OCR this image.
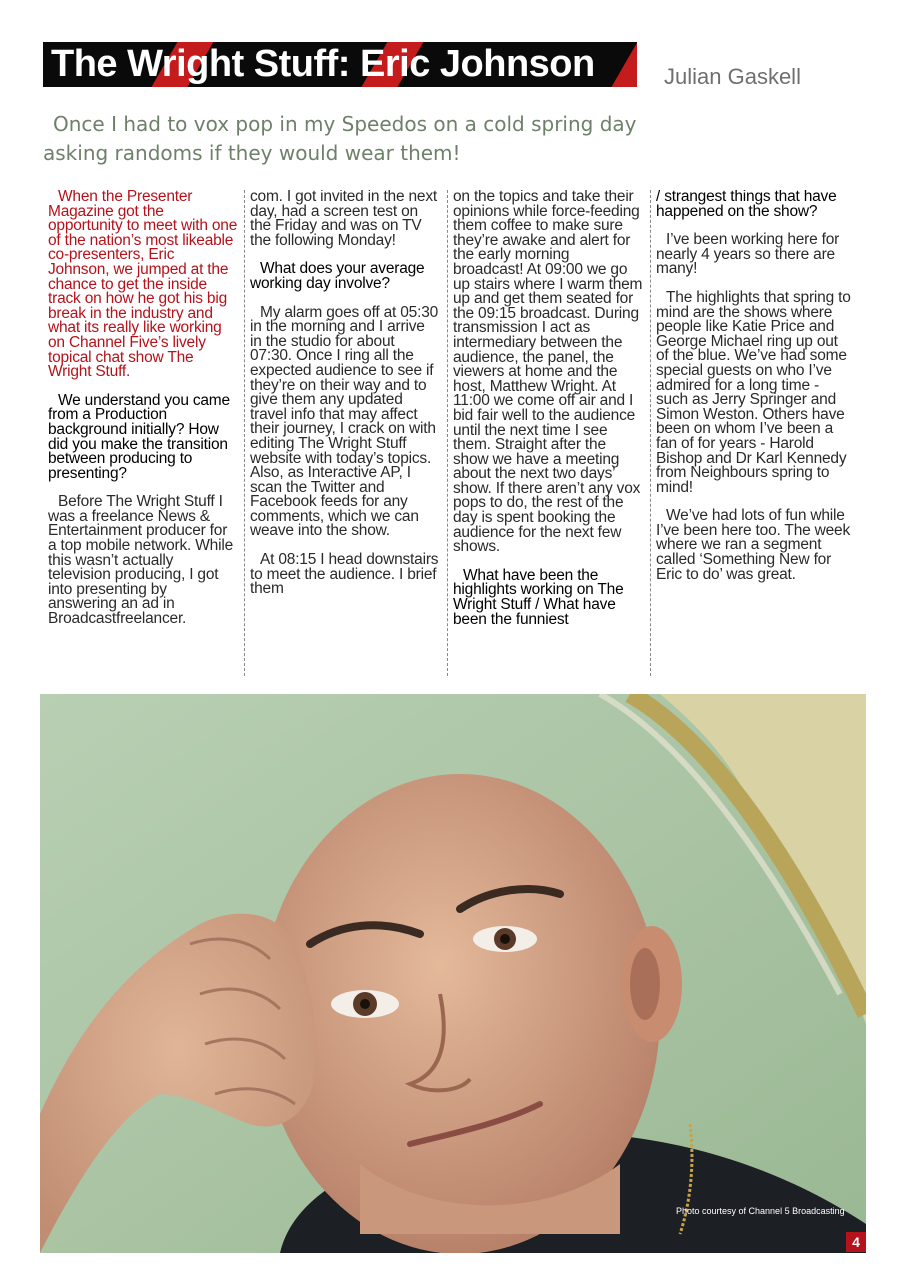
The Wright Stuff: Eric Johnson	Julian Gaskell
Once I had to vox pop in my Speedos on a cold spring day asking randoms if they would wear them!

When the Presenter Magazine got the opportunity to meet with one of the nation’s most likeable co-presenters, Eric Johnson, we jumped at the chance to get the inside track on how he got his big break in the industry and what its really like working on Channel Five’s lively topical chat show The Wright Stuff.

We understand you came from a Production background initially? How did you make the transition between producing to presenting?

Before The Wright Stuff I was a freelance News & Entertainment producer for a top mobile network. While this wasn’t actually television producing, I got into presenting by answering an ad in Broadcastfreelancer.

com. I got invited in the next day, had a screen test on the Friday and was on TV the following Monday!

What does your average working day involve?

My alarm goes off at 05:30 in the morning and I arrive in the studio for about 07:30. Once I ring all the expected audience to see if they’re on their way and to give them any updated travel info that may affect their journey, I crack on with editing The Wright Stuff website with today’s topics. Also, as Interactive AP, I scan the Twitter and Facebook feeds for any comments, which we can weave into the show.

At 08:15 I head downstairs to meet the audience. I brief them

on the topics and take their opinions while force-feeding them coffee to make sure they’re awake and alert for the early morning broadcast! At 09:00 we go up stairs where I warm them up and get them seated for the 09:15 broadcast. During transmission I act as intermediary between the audience, the panel, the viewers at home and the host, Matthew Wright. At 11:00 we come off air and I bid fair well to the audience until the next time I see them. Straight after the show we have a meeting about the next two days’ show. If there aren’t any vox pops to do, the rest of the day is spent booking the audience for the next few shows.

What have been the highlights working on The Wright Stuff / What have been the funniest

/ strangest things that have happened on the show?

I’ve been working here for nearly 4 years so there are many!

The highlights that spring to mind are the shows where people like Katie Price and George Michael ring up out of the blue. We’ve had some special guests on who I’ve admired for a long time - such as Jerry Springer and Simon Weston. Others have been on whom I’ve been a fan of for years - Harold Bishop and Dr Karl Kennedy from Neighbours spring to mind!

We’ve had lots of fun while I’ve been here too. The week where we ran a segment called ‘Something New for Eric to do’ was great.

Photo courtesy of Channel 5 Broadcasting
4
